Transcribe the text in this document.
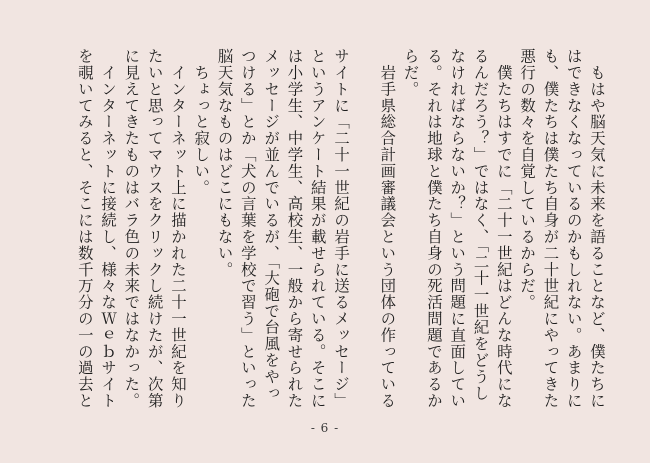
　もはや脳天気に未来を語ることなど、僕たちに
はできなくなっているのかもしれない。あまりに
も、僕たちは僕たち自身が二十世紀にやってきた
悪行の数々を自覚しているからだ。
　僕たちはすでに「二十一世紀はどんな時代にな
るんだろう？」ではなく、「二十一世紀をどうし
なければならないか？」という問題に直面してい
る。それは地球と僕たち自身の死活問題であるか
らだ。
　岩手県総合計画審議会という団体の作っている
サイトに「二十一世紀の岩手に送るメッセージ」
というアンケート結果が載せられている。そこに
は小学生、中学生、高校生、一般から寄せられた
メッセージが並んでいるが、「大砲で台風をやっ
つける」とか「犬の言葉を学校で習う」といった
脳天気なものはどこにもない。
　ちょっと寂しい。
　インターネット上に描かれた二十一世紀を知り
たいと思ってマウスをクリックし続けたが、次第
に見えてきたものはバラ色の未来ではなかった。
　インターネットに接続し、様々なＷｅｂサイト
を覗いてみると、そこには数千万分の一の過去と
- 6 -
